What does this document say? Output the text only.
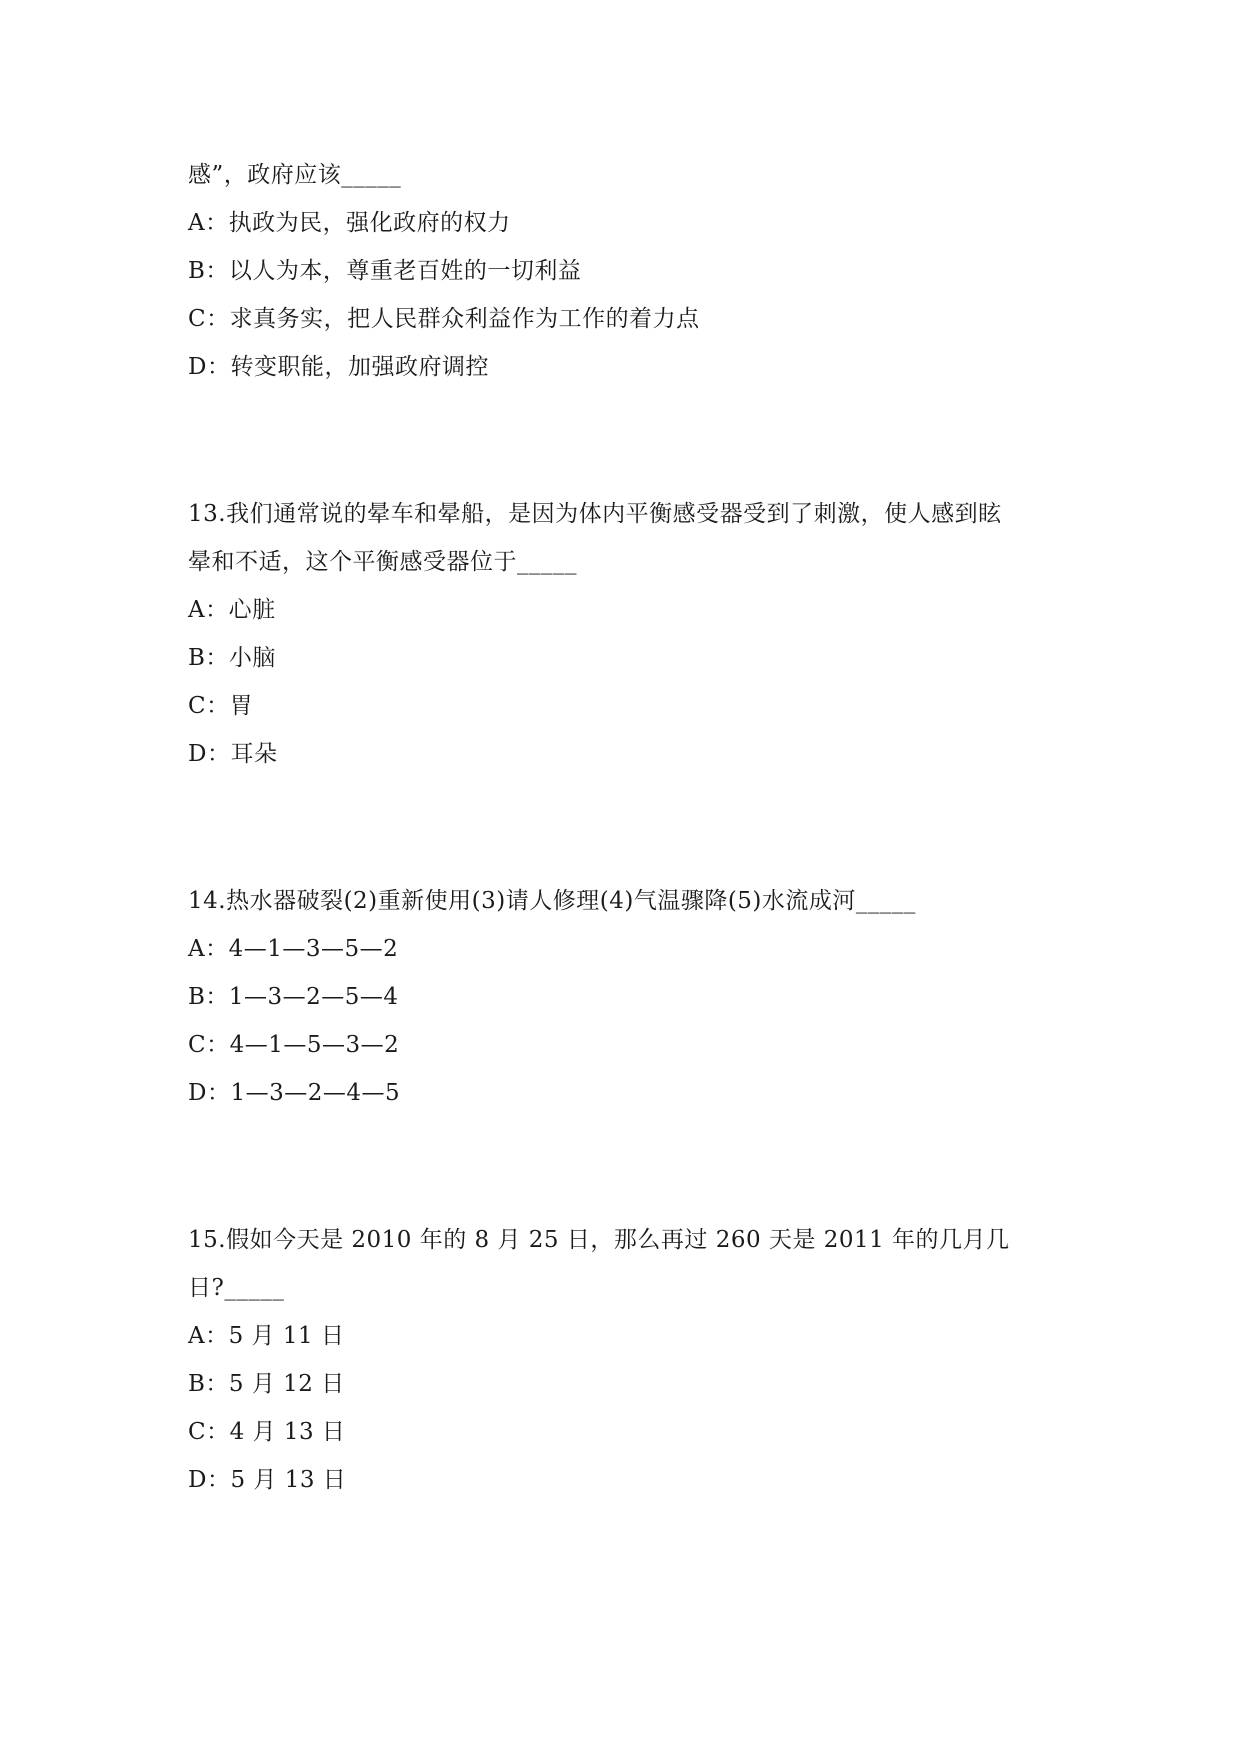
感”，政府应该_____
A：执政为民，强化政府的权力
B：以人为本，尊重老百姓的一切利益
C：求真务实，把人民群众利益作为工作的着力点
D：转变职能，加强政府调控
13.我们通常说的晕车和晕船，是因为体内平衡感受器受到了刺激，使人感到眩
晕和不适，这个平衡感受器位于_____
A：心脏
B：小脑
C：胃
D：耳朵
14.热水器破裂(2)重新使用(3)请人修理(4)气温骤降(5)水流成河_____
A：4—1—3—5—2
B：1—3—2—5—4
C：4—1—5—3—2
D：1—3—2—4—5
15.假如今天是 2010 年的 8 月 25 日，那么再过 260 天是 2011 年的几月几
日?_____
A：5 月 11 日
B：5 月 12 日
C：4 月 13 日
D：5 月 13 日
